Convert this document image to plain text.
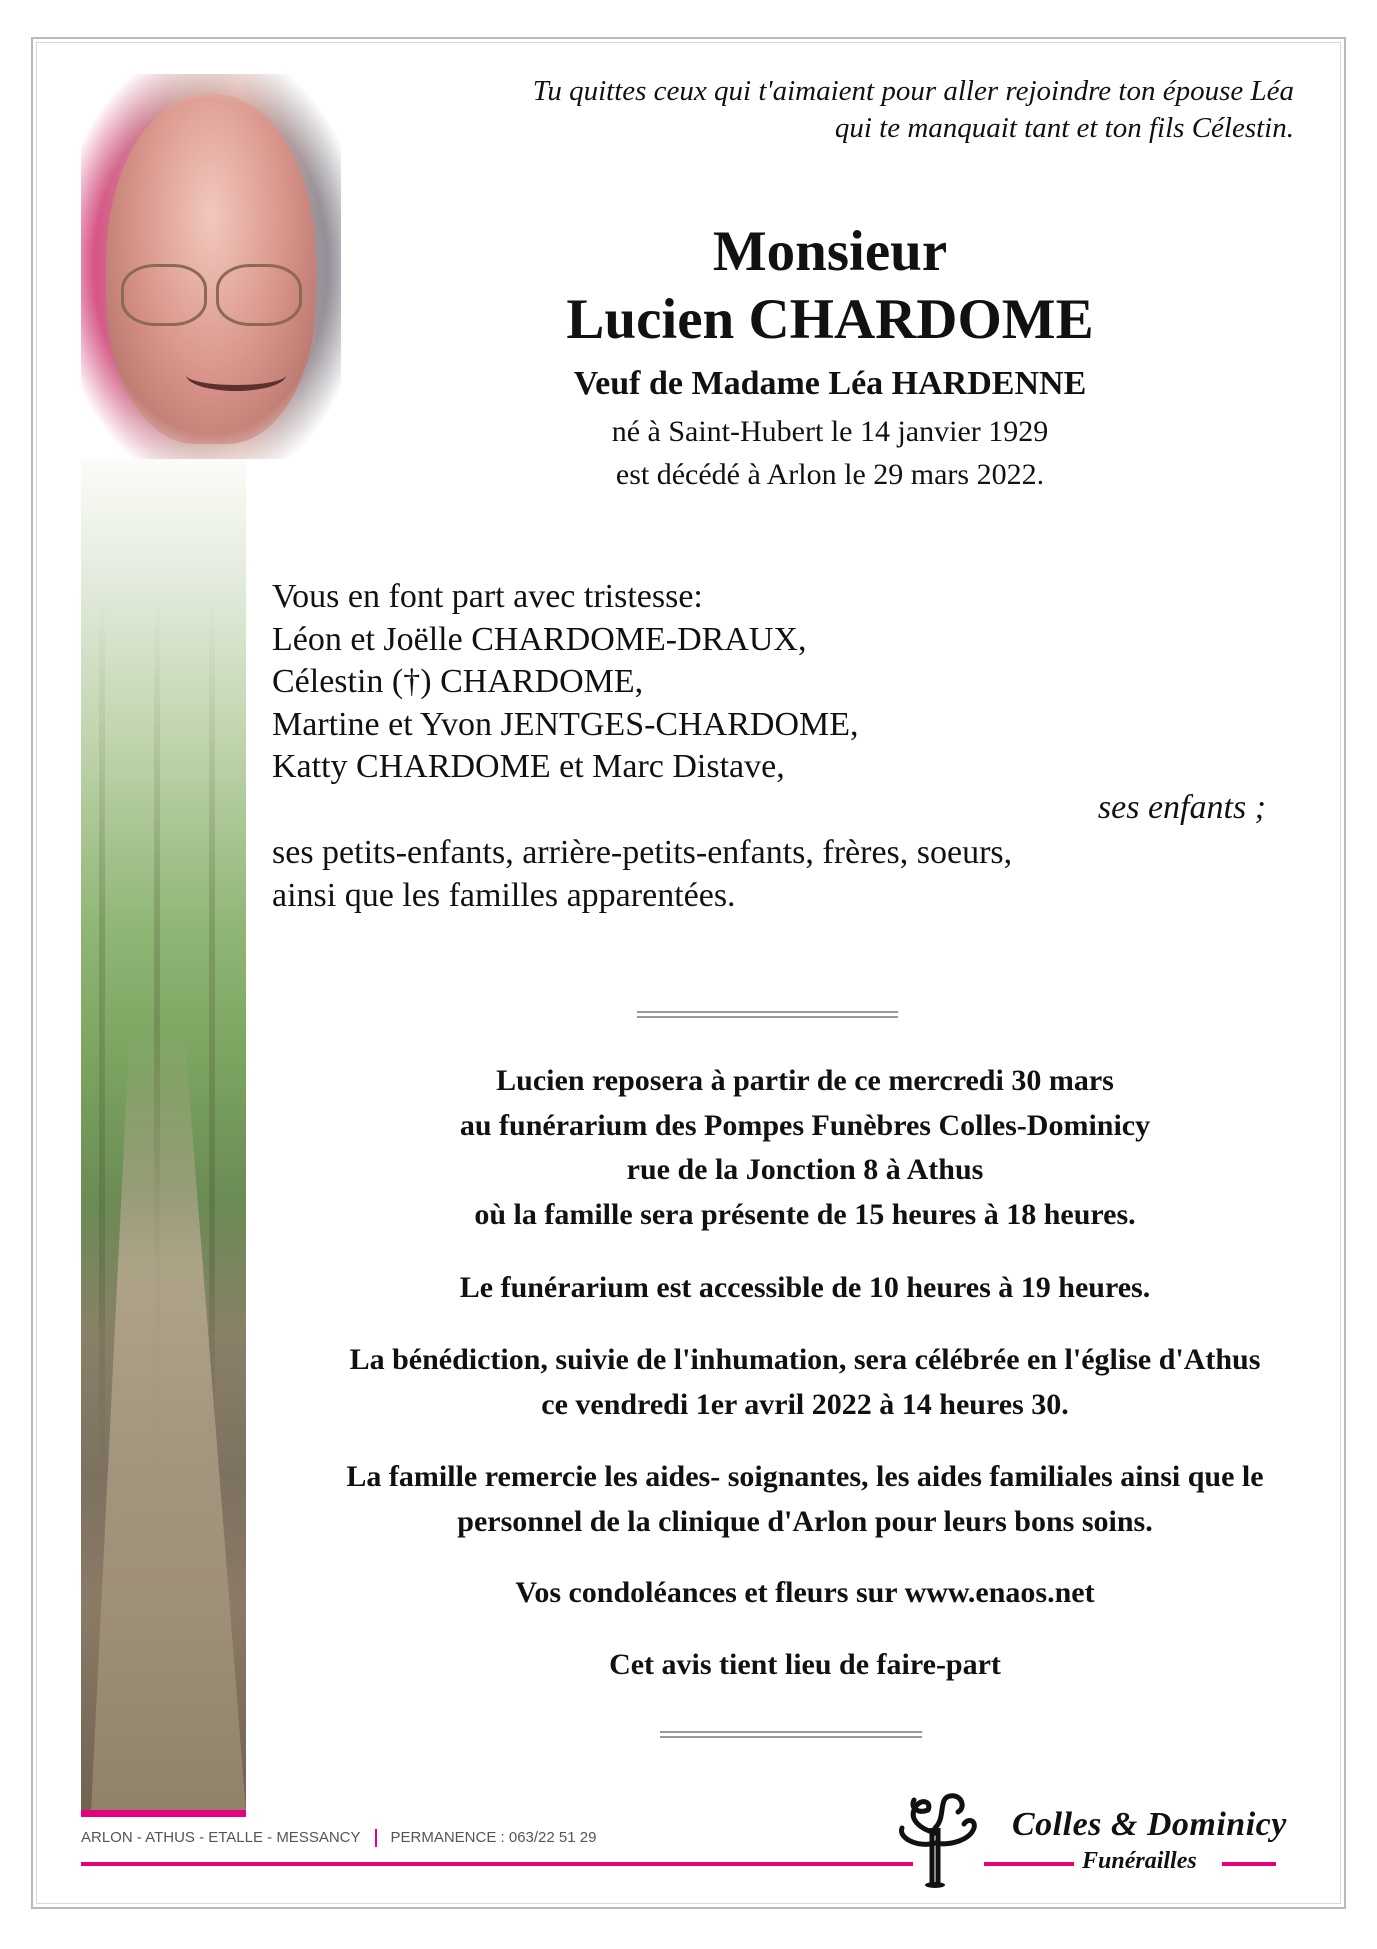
Tu quittes ceux qui t'aimaient pour aller rejoindre ton épouse Léa
qui te manquait tant et ton fils Célestin.
Monsieur
Lucien CHARDOME
Veuf de Madame Léa HARDENNE
né à Saint-Hubert le 14 janvier 1929
est décédé à Arlon le 29 mars 2022.
Vous en font part avec tristesse:
Léon et Joëlle CHARDOME-DRAUX,
Célestin (†) CHARDOME,
Martine et Yvon JENTGES-CHARDOME,
Katty CHARDOME et Marc Distave,
ses enfants ;
ses petits-enfants, arrière-petits-enfants, frères, soeurs,
ainsi que les familles apparentées.
Lucien reposera à partir de ce mercredi 30 mars
au funérarium des Pompes Funèbres Colles-Dominicy
rue de la Jonction 8 à Athus
où la famille sera présente de 15 heures à 18 heures.
Le funérarium est accessible de 10 heures à 19 heures.
La bénédiction, suivie de l'inhumation, sera célébrée en l'église d'Athus
ce vendredi 1er avril 2022 à 14 heures 30.
La famille remercie les aides- soignantes, les aides familiales ainsi que le
personnel de la clinique d'Arlon pour leurs bons soins.
Vos condoléances et fleurs sur www.enaos.net
Cet avis tient lieu de faire-part
ARLON - ATHUS - ETALLE - MESSANCY PERMANENCE : 063/22 51 29	Colles & Dominicy
Funérailles
